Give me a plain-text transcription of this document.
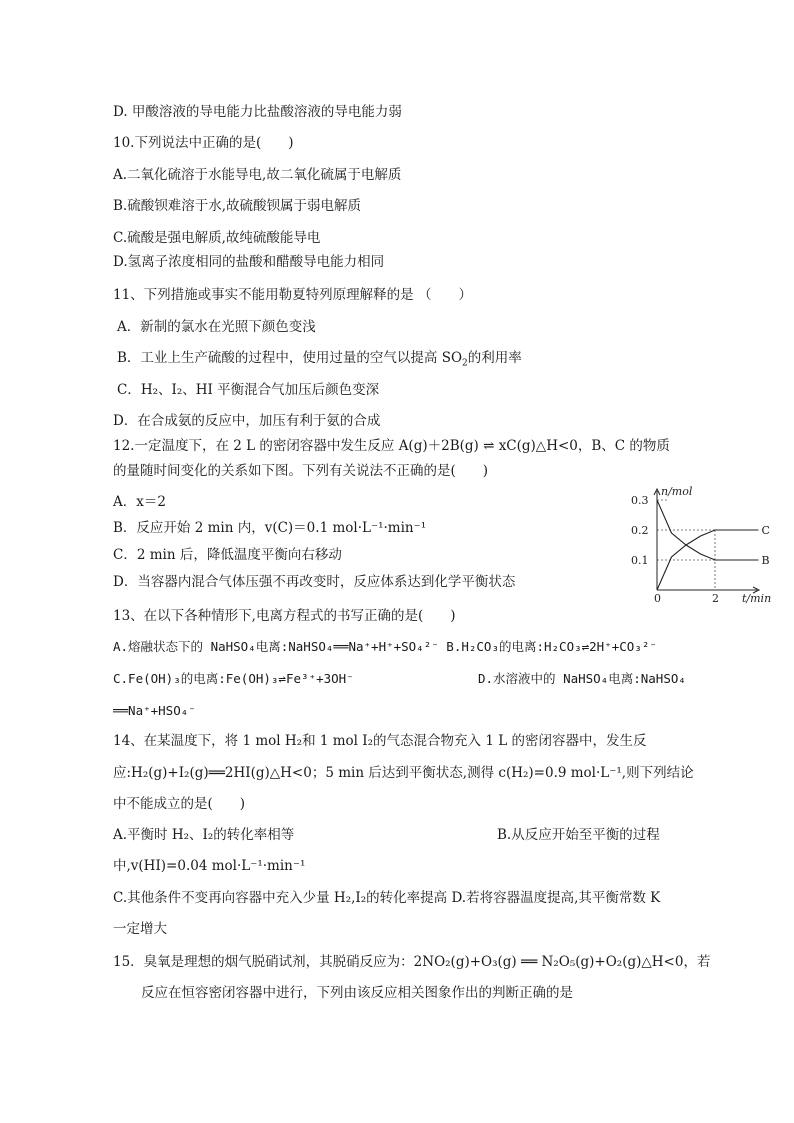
D. 甲酸溶液的导电能力比盐酸溶液的导电能力弱
10.下列说法中正确的是(　　)
A.二氧化硫溶于水能导电,故二氧化硫属于电解质
B.硫酸钡难溶于水,故硫酸钡属于弱电解质
C.硫酸是强电解质,故纯硫酸能导电
D.氢离子浓度相同的盐酸和醋酸导电能力相同
11、下列措施或事实不能用勒夏特列原理解释的是 （　　）
A．新制的氯水在光照下颜色变浅
B．工业上生产硫酸的过程中，使用过量的空气以提高 $SO_2$的利用率
C．H₂、I₂、HI 平衡混合气加压后颜色变深
D．在合成氨的反应中，加压有利于氨的合成
12.一定温度下，在 2 L 的密闭容器中发生反应 A(g)＋2B(g) ⇌ xC(g)△H<0，B、C 的物质
的量随时间变化的关系如下图。下列有关说法不正确的是(　　)
A．x＝2
B．反应开始 2 min 内，v(C)＝0.1 mol·L⁻¹·min⁻¹
C．2 min 后，降低温度平衡向右移动
D．当容器内混合气体压强不再改变时，反应体系达到化学平衡状态
C
B
0.1
0.2
0.3
0	2
n/mol
t/min
13、在以下各种情形下,电离方程式的书写正确的是(　　)
A.熔融状态下的 NaHSO₄电离:NaHSO₄══Na⁺+H⁺+SO₄²⁻ B.H₂CO₃的电离:H₂CO₃⇌2H⁺+CO₃²⁻
C.Fe(OH)₃的电离:Fe(OH)₃⇌Fe³⁺+3OH⁻	D.水溶液中的 NaHSO₄电离:NaHSO₄
══Na⁺+HSO₄⁻
14、在某温度下，将 1 mol H₂和 1 mol I₂的气态混合物充入 1 L 的密闭容器中，发生反
应:H₂(g)+I₂(g)══2HI(g)△H<0；5 min 后达到平衡状态,测得 c(H₂)=0.9 mol·L⁻¹,则下列结论
中不能成立的是(　　)
A.平衡时 H₂、I₂的转化率相等	B.从反应开始至平衡的过程
中,v(HI)=0.04 mol·L⁻¹·min⁻¹
C.其他条件不变再向容器中充入少量 H₂,I₂的转化率提高 D.若将容器温度提高,其平衡常数 K
一定增大
15．臭氧是理想的烟气脱硝试剂，其脱硝反应为：2NO₂(g)+O₃(g) ══ N₂O₅(g)+O₂(g)△H<0，若
反应在恒容密闭容器中进行，下列由该反应相关图象作出的判断正确的是
